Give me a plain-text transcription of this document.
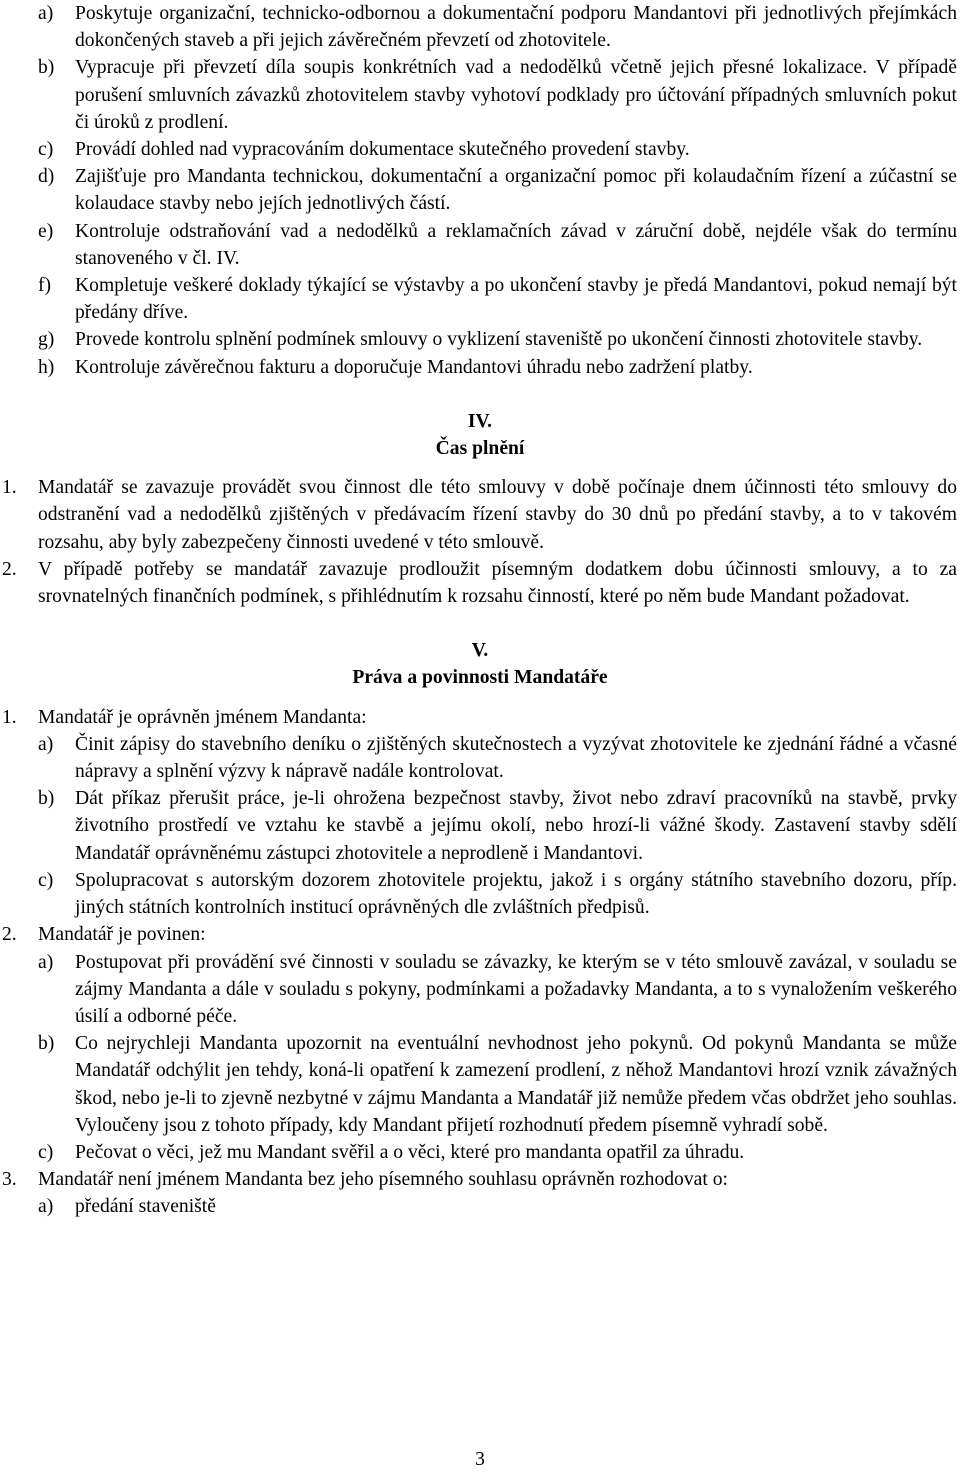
a) Poskytuje organizační, technicko-odbornou a dokumentační podporu Mandantovi při jednotlivých přejímkách dokončených staveb a při jejich závěrečném převzetí od zhotovitele.
b) Vypracuje při převzetí díla soupis konkrétních vad a nedodělků včetně jejich přesné lokalizace. V případě porušení smluvních závazků zhotovitelem stavby vyhotoví podklady pro účtování případných smluvních pokut či úroků z prodlení.
c) Provádí dohled nad vypracováním dokumentace skutečného provedení stavby.
d) Zajišťuje pro Mandanta technickou, dokumentační a organizační pomoc při kolaudačním řízení a zúčastní se kolaudace stavby nebo jejích jednotlivých částí.
e) Kontroluje odstraňování vad a nedodělků a reklamačních závad v záruční době, nejdéle však do termínu stanoveného v čl. IV.
f) Kompletuje veškeré doklady týkající se výstavby a po ukončení stavby je předá Mandantovi, pokud nemají být předány dříve.
g) Provede kontrolu splnění podmínek smlouvy o vyklizení staveniště po ukončení činnosti zhotovitele stavby.
h) Kontroluje závěrečnou fakturu a doporučuje Mandantovi úhradu nebo zadržení platby.
IV.
Čas plnění
1. Mandatář se zavazuje provádět svou činnost dle této smlouvy v době počínaje dnem účinnosti této smlouvy do odstranění vad a nedodělků zjištěných v předávacím řízení stavby do 30 dnů po předání stavby, a to v takovém rozsahu, aby byly zabezpečeny činnosti uvedené v této smlouvě.
2. V případě potřeby se mandatář zavazuje prodloužit písemným dodatkem dobu účinnosti smlouvy, a to za srovnatelných finančních podmínek, s přihlédnutím k rozsahu činností, které po něm bude Mandant požadovat.
V.
Práva a povinnosti Mandatáře
1. Mandatář je oprávněn jménem Mandanta:
a) Činit zápisy do stavebního deníku o zjištěných skutečnostech a vyzývat zhotovitele ke zjednání řádné a včasné nápravy a splnění výzvy k nápravě nadále kontrolovat.
b) Dát příkaz přerušit práce, je-li ohrožena bezpečnost stavby, život nebo zdraví pracovníků na stavbě, prvky životního prostředí ve vztahu ke stavbě a jejímu okolí, nebo hrozí-li vážné škody. Zastavení stavby sdělí Mandatář oprávněnému zástupci zhotovitele a neprodleně i Mandantovi.
c) Spolupracovat s autorským dozorem zhotovitele projektu, jakož i s orgány státního stavebního dozoru, příp. jiných státních kontrolních institucí oprávněných dle zvláštních předpisů.
2. Mandatář je povinen:
a) Postupovat při provádění své činnosti v souladu se závazky, ke kterým se v této smlouvě zavázal, v souladu se zájmy Mandanta a dále v souladu s pokyny, podmínkami a požadavky Mandanta, a to s vynaložením veškerého úsilí a odborné péče.
b) Co nejrychleji Mandanta upozornit na eventuální nevhodnost jeho pokynů. Od pokynů Mandanta se může Mandatář odchýlit jen tehdy, koná-li opatření k zamezení prodlení, z něhož Mandantovi hrozí vznik závažných škod, nebo je-li to zjevně nezbytné v zájmu Mandanta a Mandatář již nemůže předem včas obdržet jeho souhlas. Vyloučeny jsou z tohoto případy, kdy Mandant přijetí rozhodnutí předem písemně vyhradí sobě.
c) Pečovat o věci, jež mu Mandant svěřil a o věci, které pro mandanta opatřil za úhradu.
3. Mandatář není jménem Mandanta bez jeho písemného souhlasu oprávněn rozhodovat o:
a) předání staveniště
3
